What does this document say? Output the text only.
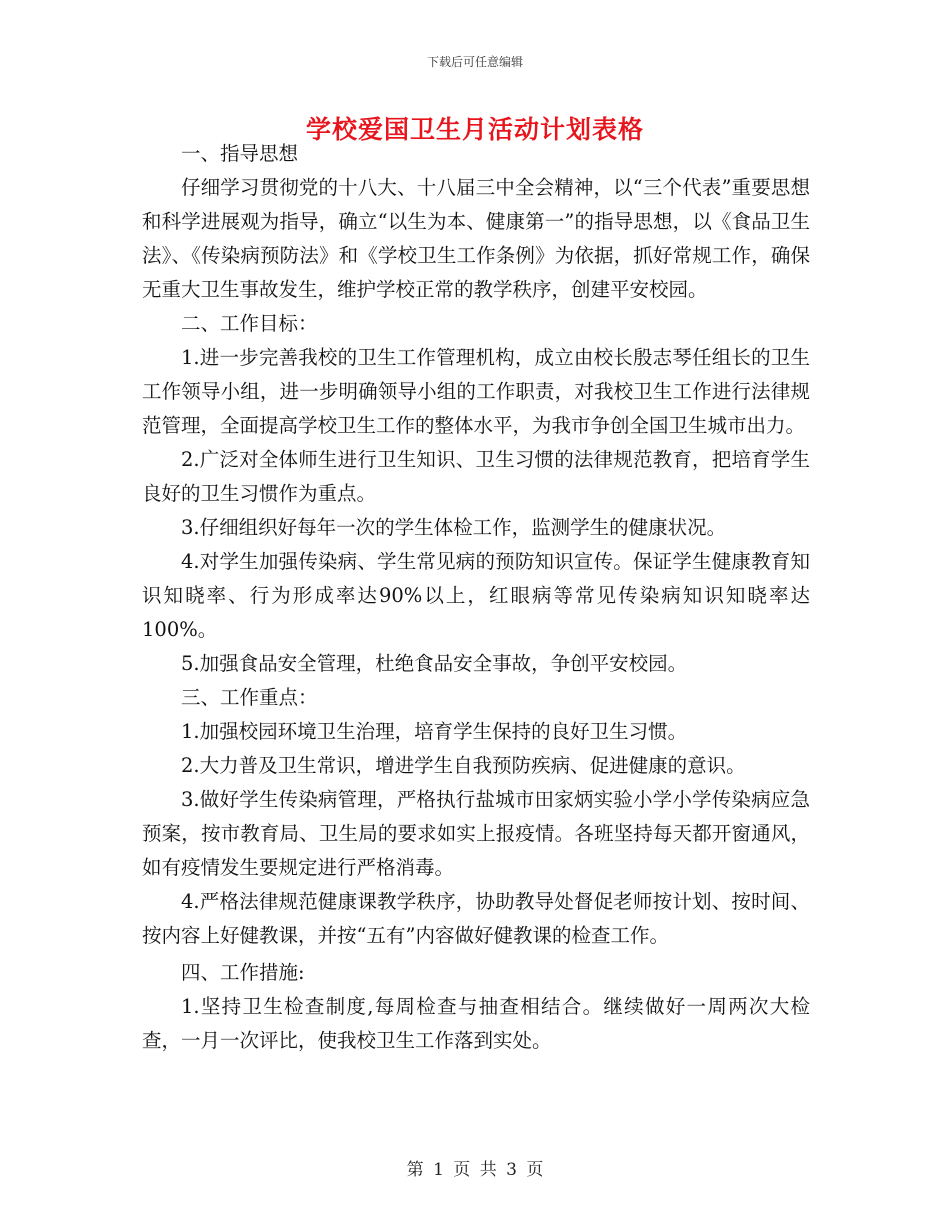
下载后可任意编辑
学校爱国卫生月活动计划表格

一、指导思想

仔细学习贯彻党的十八大、十八届三中全会精神，以“三个代表”重要思想和科学进展观为指导，确立“以生为本、健康第一”的指导思想，以《食品卫生法》、《传染病预防法》和《学校卫生工作条例》为依据，抓好常规工作，确保无重大卫生事故发生，维护学校正常的教学秩序，创建平安校园。

二、工作目标：

1.进一步完善我校的卫生工作管理机构，成立由校长殷志琴任组长的卫生工作领导小组，进一步明确领导小组的工作职责，对我校卫生工作进行法律规范管理，全面提高学校卫生工作的整体水平，为我市争创全国卫生城市出力。

2.广泛对全体师生进行卫生知识、卫生习惯的法律规范教育，把培育学生良好的卫生习惯作为重点。

3.仔细组织好每年一次的学生体检工作，监测学生的健康状况。

4.对学生加强传染病、学生常见病的预防知识宣传。保证学生健康教育知识知晓率、行为形成率达90%以上，红眼病等常见传染病知识知晓率达100%。

5.加强食品安全管理，杜绝食品安全事故，争创平安校园。

三、工作重点：

1.加强校园环境卫生治理，培育学生保持的良好卫生习惯。

2.大力普及卫生常识，增进学生自我预防疾病、促进健康的意识。

3.做好学生传染病管理，严格执行盐城市田家炳实验小学小学传染病应急预案，按市教育局、卫生局的要求如实上报疫情。各班坚持每天都开窗通风，如有疫情发生要规定进行严格消毒。

4.严格法律规范健康课教学秩序，协助教导处督促老师按计划、按时间、按内容上好健教课，并按“五有”内容做好健教课的检查工作。

四、工作措施:

1.坚持卫生检查制度,每周检查与抽查相结合。继续做好一周两次大检查，一月一次评比，使我校卫生工作落到实处。

第 1 页 共 3 页
